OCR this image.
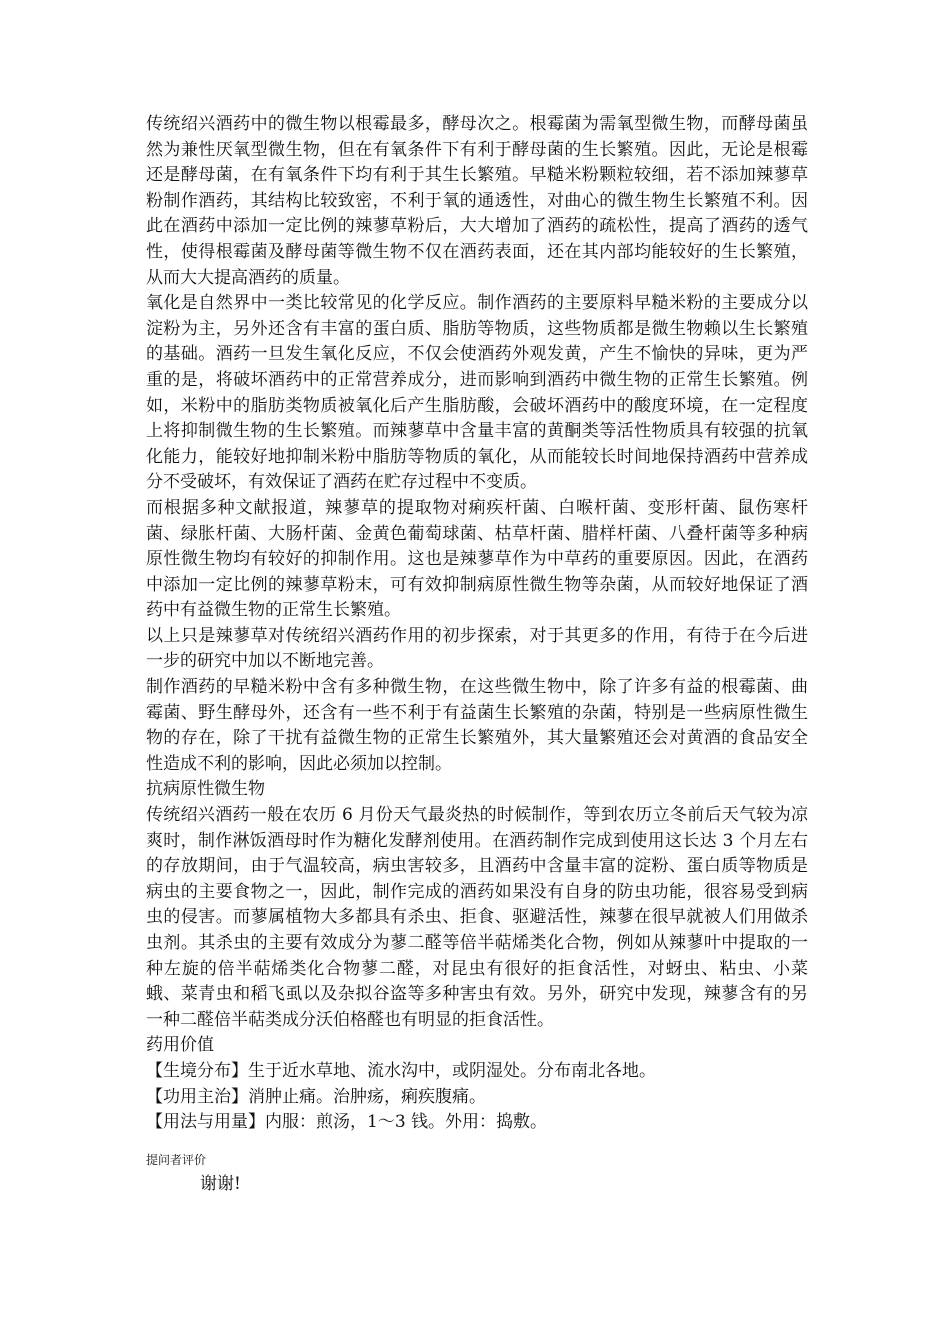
传统绍兴酒药中的微生物以根霉最多，酵母次之。根霉菌为需氧型微生物，而酵母菌虽然为兼性厌氧型微生物，但在有氧条件下有利于酵母菌的生长繁殖。因此，无论是根霉还是酵母菌，在有氧条件下均有利于其生长繁殖。早糙米粉颗粒较细，若不添加辣蓼草粉制作酒药，其结构比较致密，不利于氧的通透性，对曲心的微生物生长繁殖不利。因此在酒药中添加一定比例的辣蓼草粉后，大大增加了酒药的疏松性，提高了酒药的透气性，使得根霉菌及酵母菌等微生物不仅在酒药表面，还在其内部均能较好的生长繁殖，从而大大提高酒药的质量。

氧化是自然界中一类比较常见的化学反应。制作酒药的主要原料早糙米粉的主要成分以淀粉为主，另外还含有丰富的蛋白质、脂肪等物质，这些物质都是微生物赖以生长繁殖的基础。酒药一旦发生氧化反应，不仅会使酒药外观发黄，产生不愉快的异味，更为严重的是，将破坏酒药中的正常营养成分，进而影响到酒药中微生物的正常生长繁殖。例如，米粉中的脂肪类物质被氧化后产生脂肪酸，会破坏酒药中的酸度环境，在一定程度上将抑制微生物的生长繁殖。而辣蓼草中含量丰富的黄酮类等活性物质具有较强的抗氧化能力，能较好地抑制米粉中脂肪等物质的氧化，从而能较长时间地保持酒药中营养成分不受破坏，有效保证了酒药在贮存过程中不变质。

而根据多种文献报道，辣蓼草的提取物对痢疾杆菌、白喉杆菌、变形杆菌、鼠伤寒杆菌、绿胀杆菌、大肠杆菌、金黄色葡萄球菌、枯草杆菌、腊样杆菌、八叠杆菌等多种病原性微生物均有较好的抑制作用。这也是辣蓼草作为中草药的重要原因。因此，在酒药中添加一定比例的辣蓼草粉末，可有效抑制病原性微生物等杂菌，从而较好地保证了酒药中有益微生物的正常生长繁殖。

以上只是辣蓼草对传统绍兴酒药作用的初步探索，对于其更多的作用，有待于在今后进一步的研究中加以不断地完善。

制作酒药的早糙米粉中含有多种微生物，在这些微生物中，除了许多有益的根霉菌、曲霉菌、野生酵母外，还含有一些不利于有益菌生长繁殖的杂菌，特别是一些病原性微生物的存在，除了干扰有益微生物的正常生长繁殖外，其大量繁殖还会对黄酒的食品安全性造成不利的影响，因此必须加以控制。

抗病原性微生物

传统绍兴酒药一般在农历 6 月份天气最炎热的时候制作，等到农历立冬前后天气较为凉爽时，制作淋饭酒母时作为糖化发酵剂使用。在酒药制作完成到使用这长达 3 个月左右的存放期间，由于气温较高，病虫害较多，且酒药中含量丰富的淀粉、蛋白质等物质是病虫的主要食物之一，因此，制作完成的酒药如果没有自身的防虫功能，很容易受到病虫的侵害。而蓼属植物大多都具有杀虫、拒食、驱避活性，辣蓼在很早就被人们用做杀虫剂。其杀虫的主要有效成分为蓼二醛等倍半萜烯类化合物，例如从辣蓼叶中提取的一种左旋的倍半萜烯类化合物蓼二醛，对昆虫有很好的拒食活性，对蚜虫、粘虫、小菜蛾、菜青虫和稻飞虱以及杂拟谷盗等多种害虫有效。另外，研究中发现，辣蓼含有的另一种二醛倍半萜类成分沃伯格醛也有明显的拒食活性。

药用价值

【生境分布】生于近水草地、流水沟中，或阴湿处。分布南北各地。

【功用主治】消肿止痛。治肿疡，痢疾腹痛。

【用法与用量】内服：煎汤，1～3 钱。外用：捣敷。

提问者评价

谢谢!
